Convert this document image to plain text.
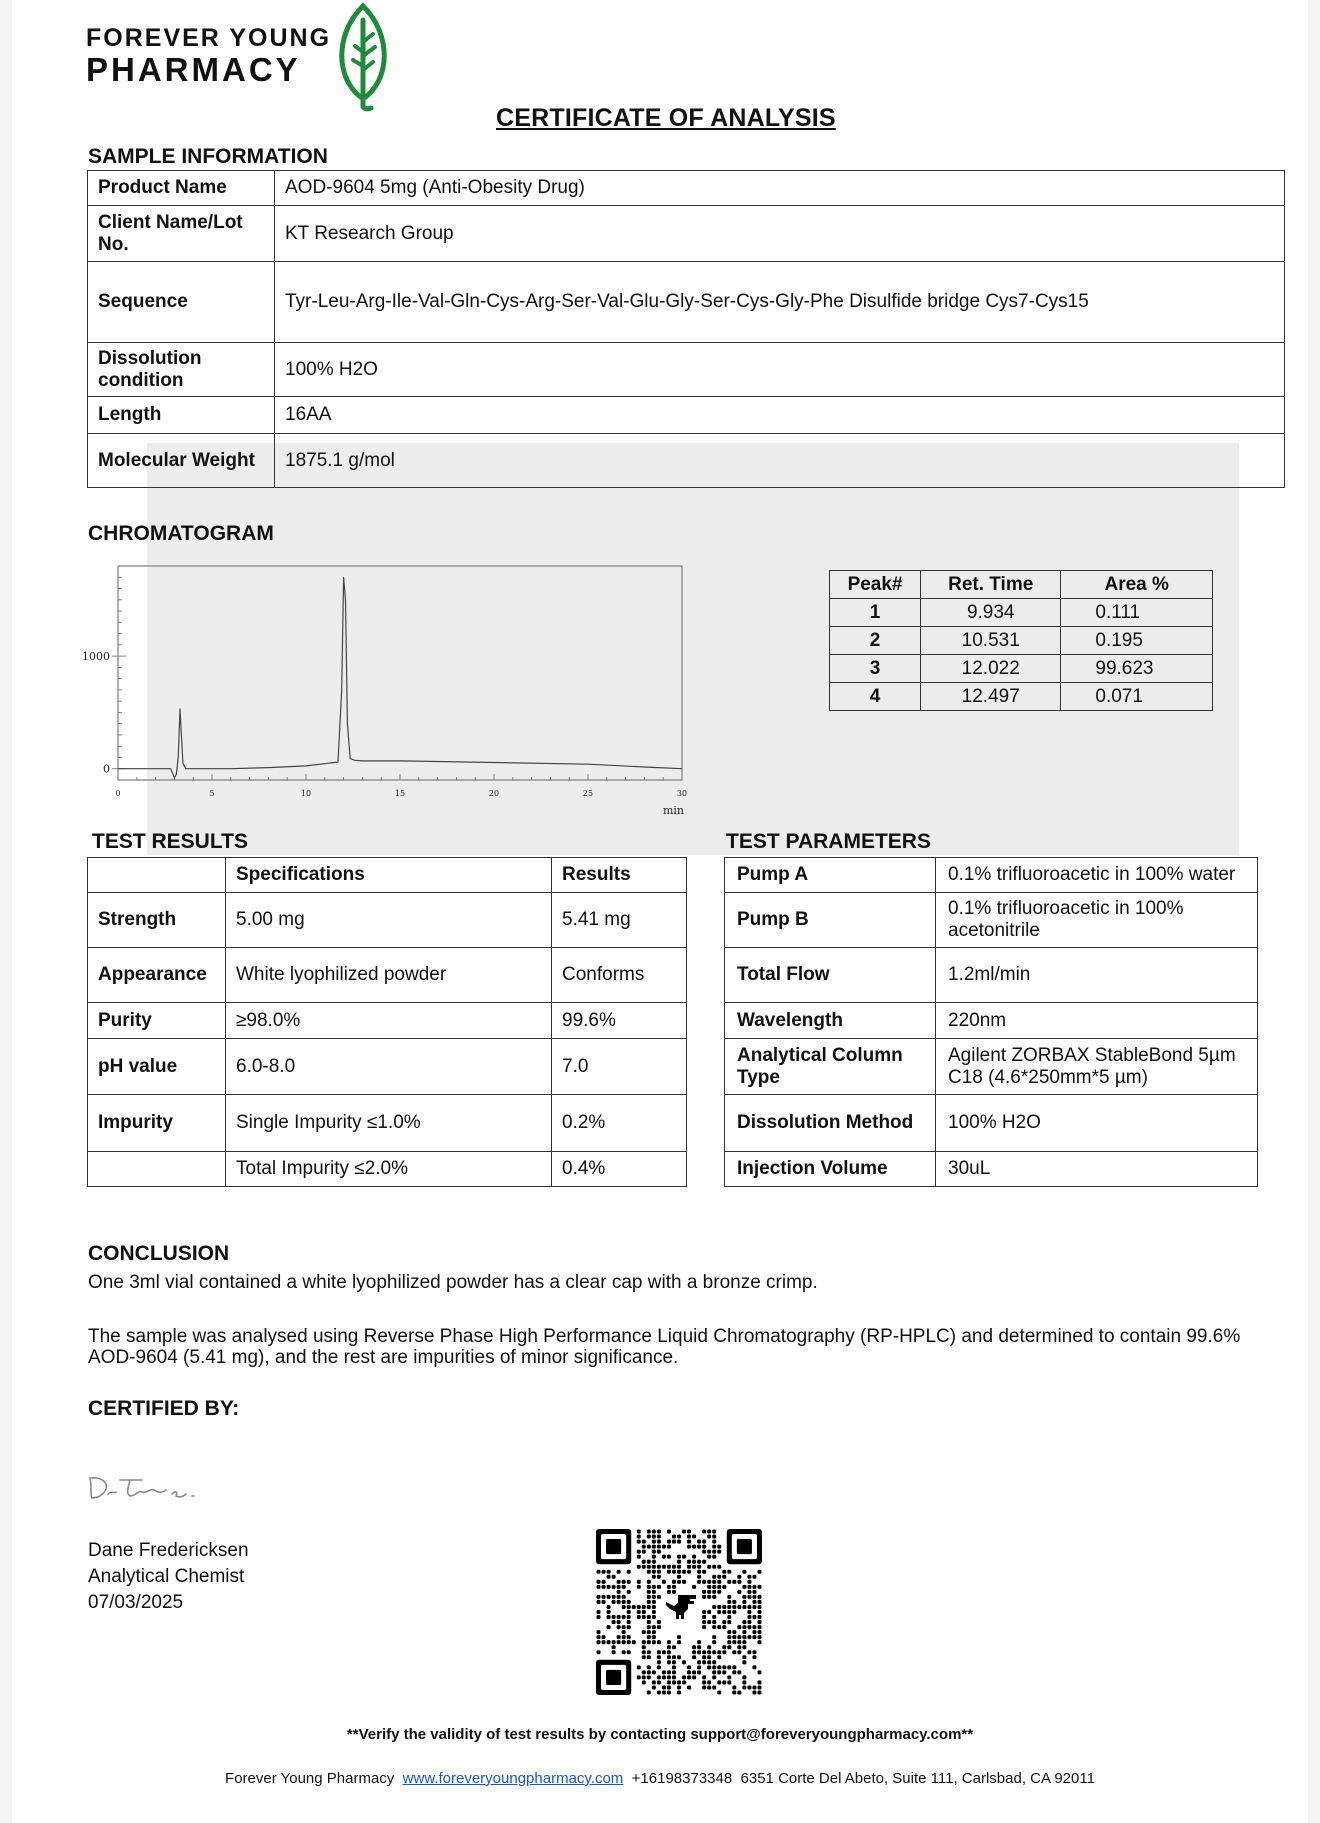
FOREVER YOUNG
PHARMACY
CERTIFICATE OF ANALYSIS
SAMPLE INFORMATION
Product Name	AOD-9604 5mg (Anti-Obesity Drug)
Client Name/Lot No.	KT Research Group
Sequence	Tyr-Leu-Arg-Ile-Val-Gln-Cys-Arg-Ser-Val-Glu-Gly-Ser-Cys-Gly-Phe Disulfide bridge Cys7-Cys15
Dissolution condition	100% H2O
Length	16AA
Molecular Weight	1875.1 g/mol
CHROMATOGRAM
0	5	10	15	20	25	30
0
1000
min
Peak#	Ret. Time	Area %
1	9.934	0.111
2	10.531	0.195
3	12.022	99.623
4	12.497	0.071
TEST RESULTS
	Specifications	Results
Strength	5.00 mg	5.41 mg
Appearance	White lyophilized powder	Conforms
Purity	≥98.0%	99.6%
pH value	6.0-8.0	7.0
Impurity	Single Impurity ≤1.0%	0.2%
	Total Impurity ≤2.0%	0.4%
TEST PARAMETERS
Pump A	0.1% trifluoroacetic in 100% water
Pump B	0.1% trifluoroacetic in 100% acetonitrile
Total Flow	1.2ml/min
Wavelength	220nm
Analytical Column Type	Agilent ZORBAX StableBond 5µm C18 (4.6*250mm*5 µm)
Dissolution Method	100% H2O
Injection Volume	30uL
CONCLUSION
One 3ml vial contained a white lyophilized powder has a clear cap with a bronze crimp.
The sample was analysed using Reverse Phase High Performance Liquid Chromatography (RP-HPLC) and determined to contain 99.6% AOD-9604 (5.41 mg), and the rest are impurities of minor significance.
CERTIFIED BY:
Dane Fredericksen
Analytical Chemist
07/03/2025
**Verify the validity of test results by contacting support@foreveryoungpharmacy.com**
Forever Young Pharmacy www.foreveryoungpharmacy.com +16198373348 6351 Corte Del Abeto, Suite 111, Carlsbad, CA 92011
